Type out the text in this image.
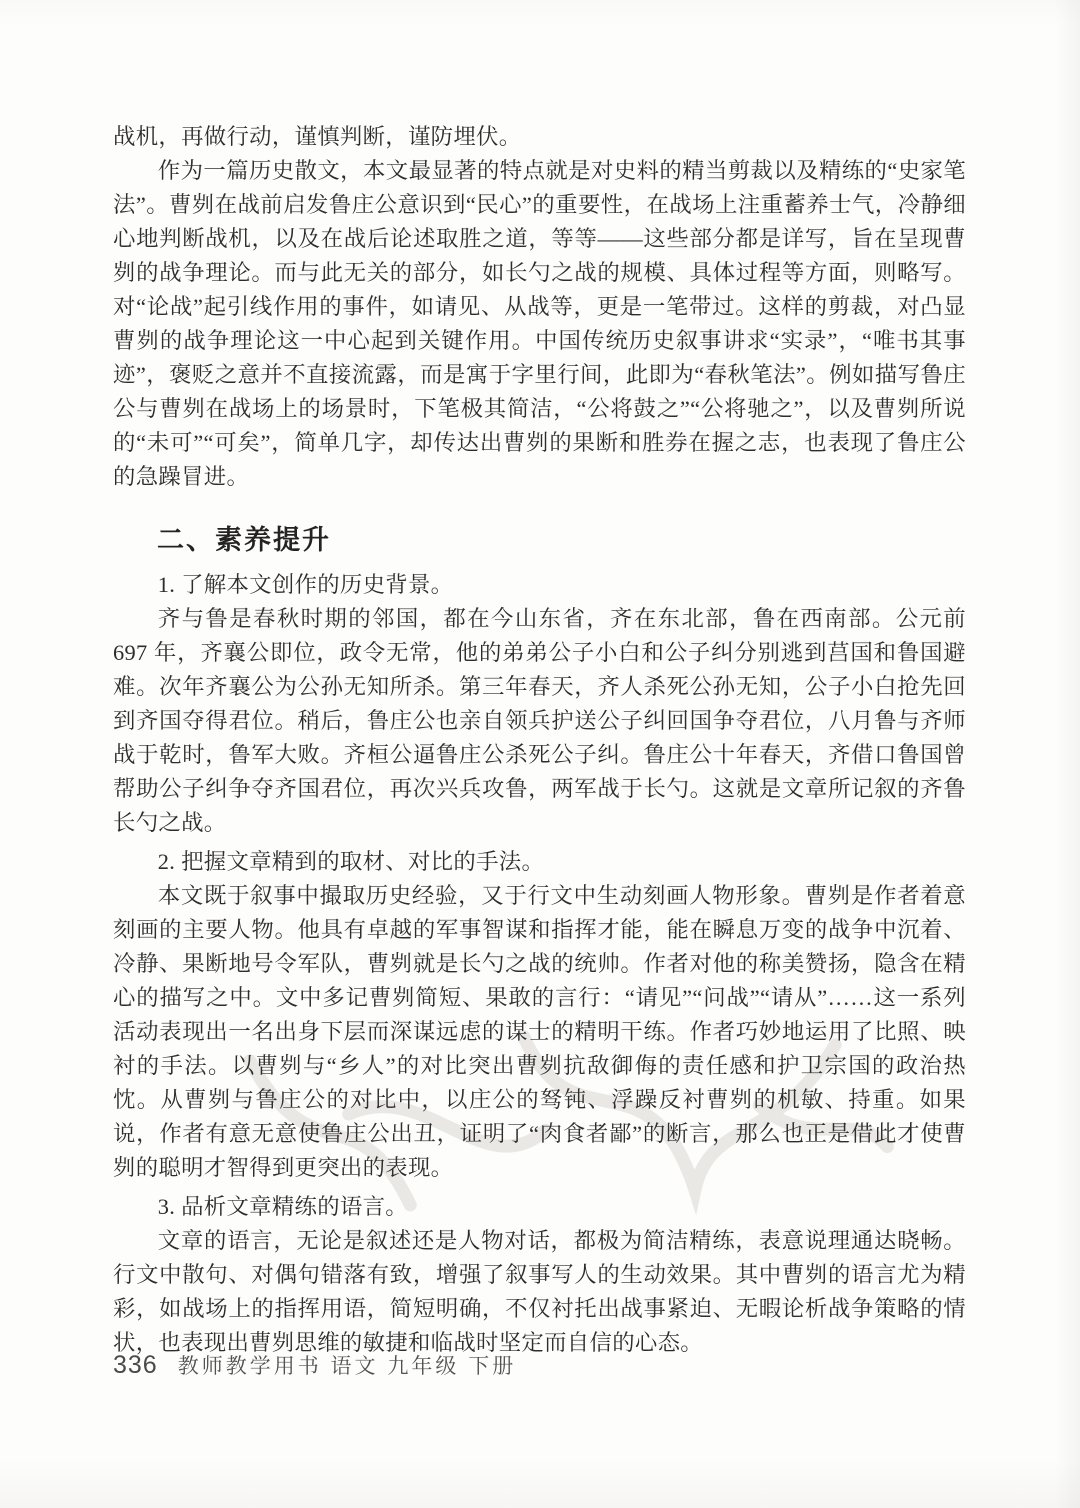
战机，再做行动，谨慎判断，谨防埋伏。

作为一篇历史散文，本文最显著的特点就是对史料的精当剪裁以及精练的“史家笔法”。曹刿在战前启发鲁庄公意识到“民心”的重要性，在战场上注重蓄养士气，冷静细心地判断战机，以及在战后论述取胜之道，等等——这些部分都是详写，旨在呈现曹刿的战争理论。而与此无关的部分，如长勺之战的规模、具体过程等方面，则略写。对“论战”起引线作用的事件，如请见、从战等，更是一笔带过。这样的剪裁，对凸显曹刿的战争理论这一中心起到关键作用。中国传统历史叙事讲求“实录”，“唯书其事迹”，褒贬之意并不直接流露，而是寓于字里行间，此即为“春秋笔法”。例如描写鲁庄公与曹刿在战场上的场景时，下笔极其简洁，“公将鼓之”“公将驰之”，以及曹刿所说的“未可”“可矣”，简单几字，却传达出曹刿的果断和胜券在握之志，也表现了鲁庄公的急躁冒进。

二、素养提升

1. 了解本文创作的历史背景。

齐与鲁是春秋时期的邻国，都在今山东省，齐在东北部，鲁在西南部。公元前 697 年，齐襄公即位，政令无常，他的弟弟公子小白和公子纠分别逃到莒国和鲁国避难。次年齐襄公为公孙无知所杀。第三年春天，齐人杀死公孙无知，公子小白抢先回到齐国夺得君位。稍后，鲁庄公也亲自领兵护送公子纠回国争夺君位，八月鲁与齐师战于乾时，鲁军大败。齐桓公逼鲁庄公杀死公子纠。鲁庄公十年春天，齐借口鲁国曾帮助公子纠争夺齐国君位，再次兴兵攻鲁，两军战于长勺。这就是文章所记叙的齐鲁长勺之战。

2. 把握文章精到的取材、对比的手法。

本文既于叙事中撮取历史经验，又于行文中生动刻画人物形象。曹刿是作者着意刻画的主要人物。他具有卓越的军事智谋和指挥才能，能在瞬息万变的战争中沉着、冷静、果断地号令军队，曹刿就是长勺之战的统帅。作者对他的称美赞扬，隐含在精心的描写之中。文中多记曹刿简短、果敢的言行：“请见”“问战”“请从”……这一系列活动表现出一名出身下层而深谋远虑的谋士的精明干练。作者巧妙地运用了比照、映衬的手法。以曹刿与“乡人”的对比突出曹刿抗敌御侮的责任感和护卫宗国的政治热忱。从曹刿与鲁庄公的对比中，以庄公的驽钝、浮躁反衬曹刿的机敏、持重。如果说，作者有意无意使鲁庄公出丑，证明了“肉食者鄙”的断言，那么也正是借此才使曹刿的聪明才智得到更突出的表现。

3. 品析文章精练的语言。

文章的语言，无论是叙述还是人物对话，都极为简洁精练，表意说理通达晓畅。行文中散句、对偶句错落有致，增强了叙事写人的生动效果。其中曹刿的语言尤为精彩，如战场上的指挥用语，简短明确，不仅衬托出战事紧迫、无暇论析战争策略的情状，也表现出曹刿思维的敏捷和临战时坚定而自信的心态。

336 教师教学用书 语文 九年级 下册
